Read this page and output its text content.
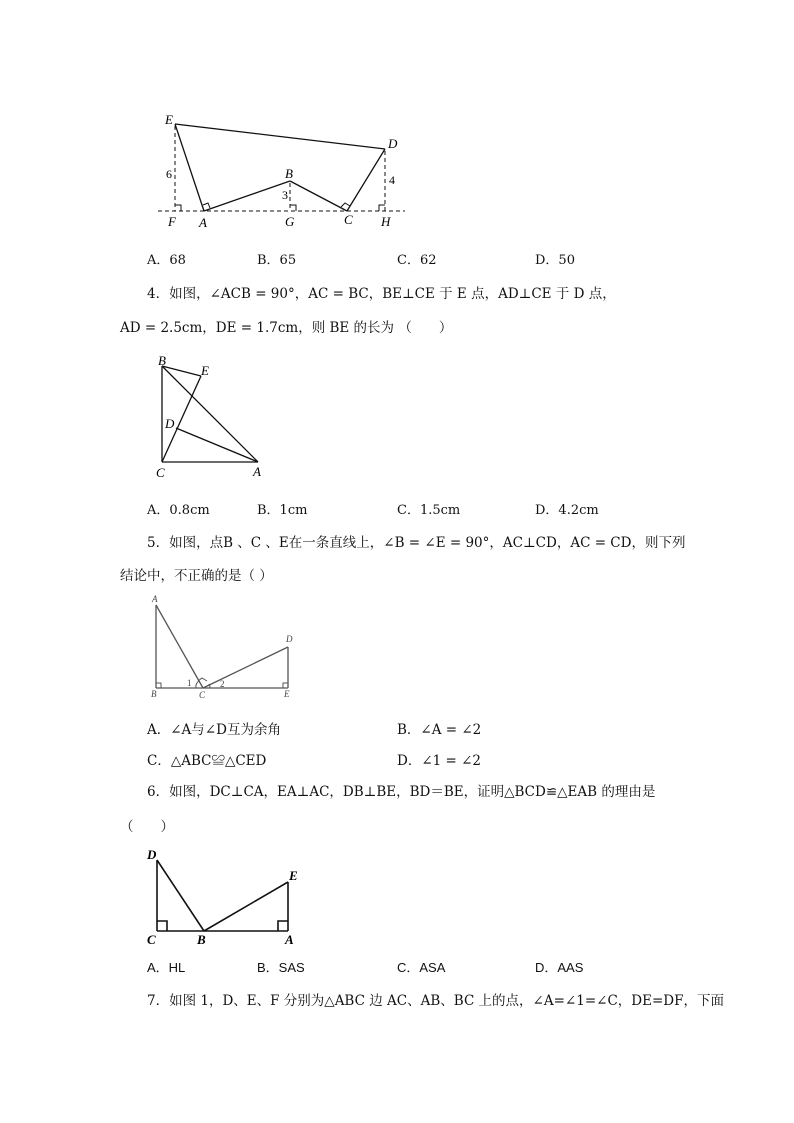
E
D
B
F A	G	C H
6
3
4
A．68	B．65	C．62	D．50
4．如图，∠ACB = 90°，AC = BC，BE⊥CE 于 E 点，AD⊥CE 于 D 点，
AD = 2.5cm，DE = 1.7cm，则 BE 的长为 （　　）
B
E
D
C	A
A．0.8cm	B．1cm	C．1.5cm	D．4.2cm
5．如图，点B 、C 、E在一条直线上，∠B = ∠E = 90°，AC⊥CD，AC = CD，则下列
结论中，不正确的是（ ）
A
D
B	C	E
1	2
A．∠A与∠D互为余角	B．∠A = ∠2
C．△ABC≌△CED	D．∠1 = ∠2
6．如图，DC⊥CA，EA⊥AC，DB⊥BE，BD＝BE，证明△BCD≌△EAB 的理由是
（　　）
D
E
C	B	A
A．HL	B．SAS	C．ASA	D．AAS
7．如图 1，D、E、F 分别为△ABC 边 AC、AB、BC 上的点，∠A=∠1=∠C，DE=DF，下面
